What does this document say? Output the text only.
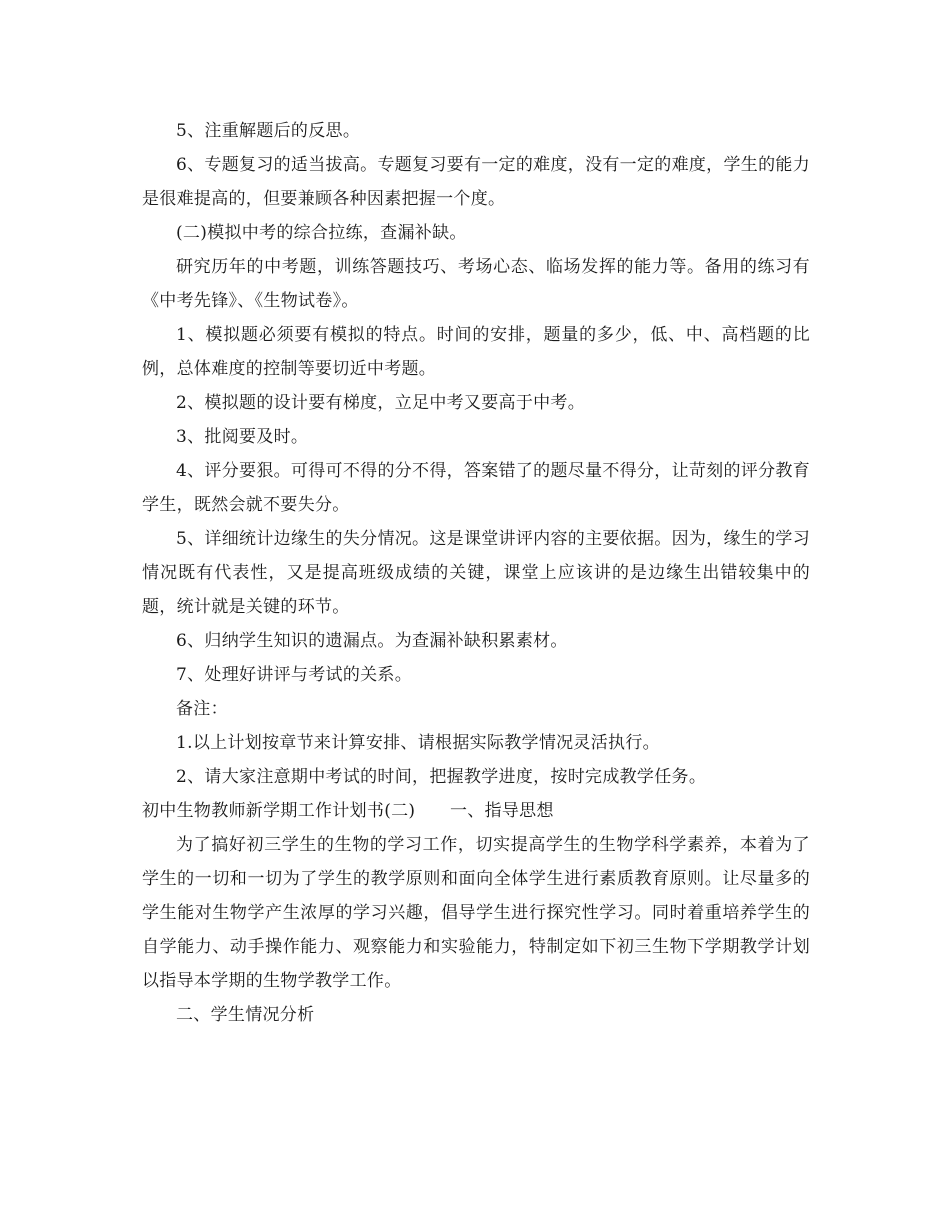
5、注重解题后的反思。

6、专题复习的适当拔高。专题复习要有一定的难度，没有一定的难度，学生的能力是很难提高的，但要兼顾各种因素把握一个度。

(二)模拟中考的综合拉练，查漏补缺。

研究历年的中考题，训练答题技巧、考场心态、临场发挥的能力等。备用的练习有《中考先锋》、《生物试卷》。

1、模拟题必须要有模拟的特点。时间的安排，题量的多少，低、中、高档题的比例，总体难度的控制等要切近中考题。

2、模拟题的设计要有梯度，立足中考又要高于中考。

3、批阅要及时。

4、评分要狠。可得可不得的分不得，答案错了的题尽量不得分，让苛刻的评分教育学生，既然会就不要失分。

5、详细统计边缘生的失分情况。这是课堂讲评内容的主要依据。因为，缘生的学习情况既有代表性，又是提高班级成绩的关键，课堂上应该讲的是边缘生出错较集中的题，统计就是关键的环节。

6、归纳学生知识的遗漏点。为查漏补缺积累素材。

7、处理好讲评与考试的关系。

备注：

1.以上计划按章节来计算安排、请根据实际教学情况灵活执行。

2、请大家注意期中考试的时间，把握教学进度，按时完成教学任务。

初中生物教师新学期工作计划书(二)　　一、指导思想

为了搞好初三学生的生物的学习工作，切实提高学生的生物学科学素养，本着为了学生的一切和一切为了学生的教学原则和面向全体学生进行素质教育原则。让尽量多的学生能对生物学产生浓厚的学习兴趣，倡导学生进行探究性学习。同时着重培养学生的自学能力、动手操作能力、观察能力和实验能力，特制定如下初三生物下学期教学计划以指导本学期的生物学教学工作。

二、学生情况分析
